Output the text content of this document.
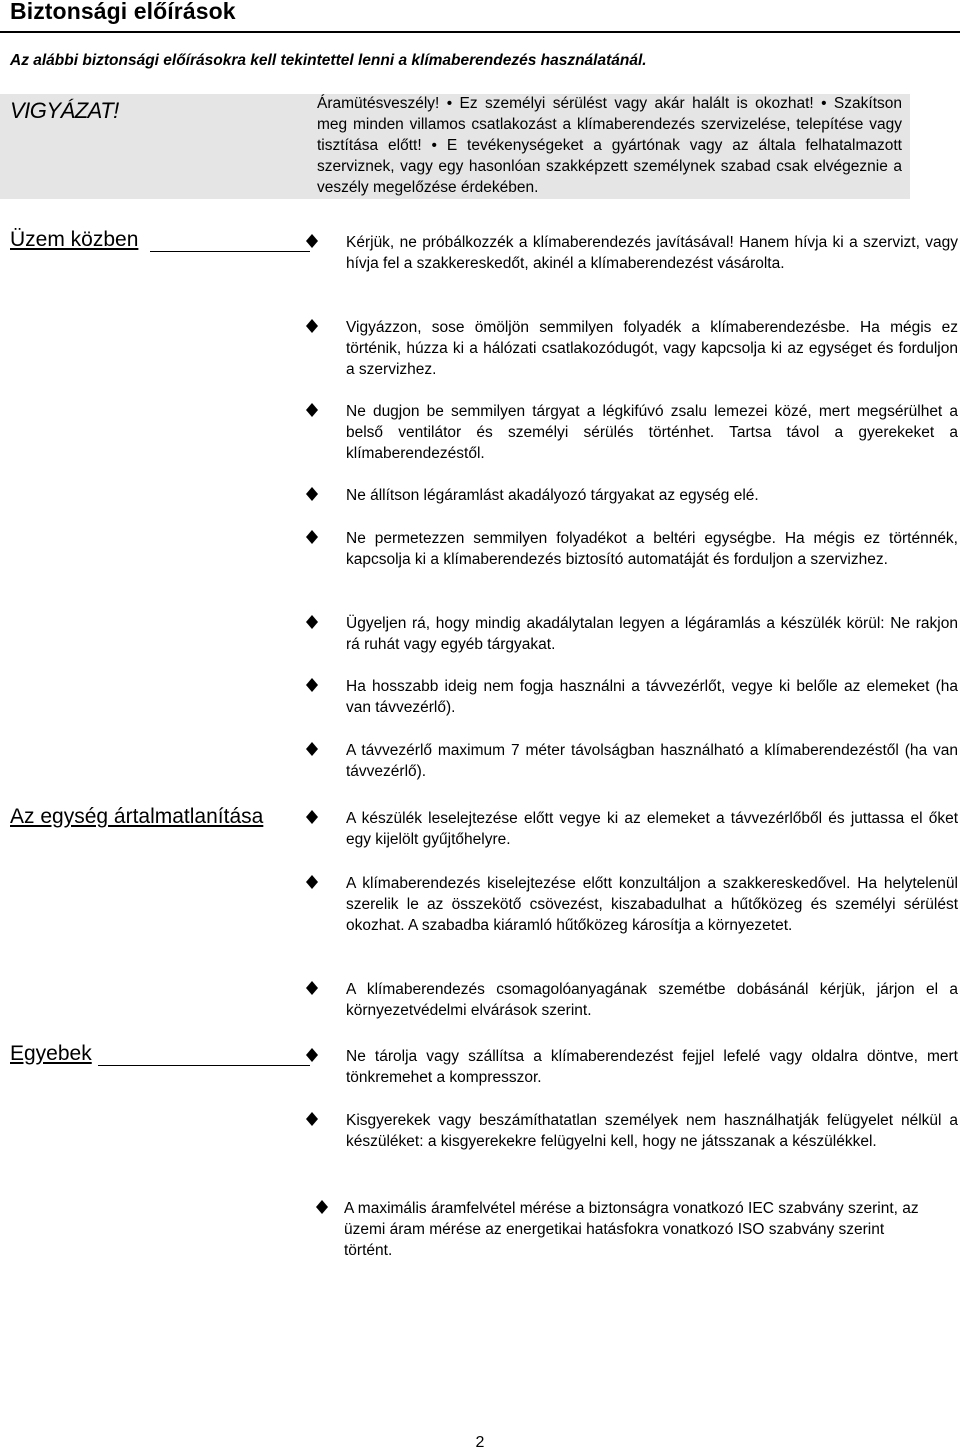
Biztonsági előírások
Az alábbi biztonsági előírásokra kell tekintettel lenni a klímaberendezés használatánál.
VIGYÁZAT!	Áramütésveszély! • Ez személyi sérülést vagy akár halált is okozhat! • Szakítson meg minden villamos csatlakozást a klímaberendezés szervizelése, telepítése vagy tisztítása előtt! • E tevékenységeket a gyártónak vagy az általa felhatalmazott szerviznek, vagy egy hasonlóan szakképzett személynek szabad csak elvégeznie a veszély megelőzése érdekében.
Üzem közben	Kérjük, ne próbálkozzék a klímaberendezés javításával! Hanem hívja ki a szervizt, vagy hívja fel a szakkereskedőt, akinél a klímaberendezést vásárolta.
Vigyázzon, sose ömöljön semmilyen folyadék a klímaberendezésbe. Ha mégis ez történik, húzza ki a hálózati csatlakozódugót, vagy kapcsolja ki az egységet és forduljon a szervizhez.
Ne dugjon be semmilyen tárgyat a légkifúvó zsalu lemezei közé, mert megsérülhet a belső ventilátor és személyi sérülés történhet. Tartsa távol a gyerekeket a klímaberendezéstől.
Ne állítson légáramlást akadályozó tárgyakat az egység elé.
Ne permetezzen semmilyen folyadékot a beltéri egységbe. Ha mégis ez történnék, kapcsolja ki a klímaberendezés biztosító automatáját és forduljon a szervizhez.
Ügyeljen rá, hogy mindig akadálytalan legyen a légáramlás a készülék körül: Ne rakjon rá ruhát vagy egyéb tárgyakat.
Ha hosszabb ideig nem fogja használni a távvezérlőt, vegye ki belőle az elemeket (ha van távvezérlő).
A távvezérlő maximum 7 méter távolságban használható a klímaberendezéstől (ha van távvezérlő).
Az egység ártalmatlanítása	A készülék leselejtezése előtt vegye ki az elemeket a távvezérlőből és juttassa el őket egy kijelölt gyűjtőhelyre.
A klímaberendezés kiselejtezése előtt konzultáljon a szakkereskedővel. Ha helytelenül szerelik le az összekötő csövezést, kiszabadulhat a hűtőközeg és személyi sérülést okozhat. A szabadba kiáramló hűtőközeg károsítja a környezetet.
A klímaberendezés csomagolóanyagának szemétbe dobásánál kérjük, járjon el a környezetvédelmi elvárások szerint.
Egyebek	Ne tárolja vagy szállítsa a klímaberendezést fejjel lefelé vagy oldalra döntve, mert tönkremehet a kompresszor.
Kisgyerekek vagy beszámíthatatlan személyek nem használhatják felügyelet nélkül a készüléket: a kisgyerekekre felügyelni kell, hogy ne játsszanak a készülékkel.
A maximális áramfelvétel mérése a biztonságra vonatkozó IEC szabvány szerint, az üzemi áram mérése az energetikai hatásfokra vonatkozó ISO szabvány szerint történt.
2
